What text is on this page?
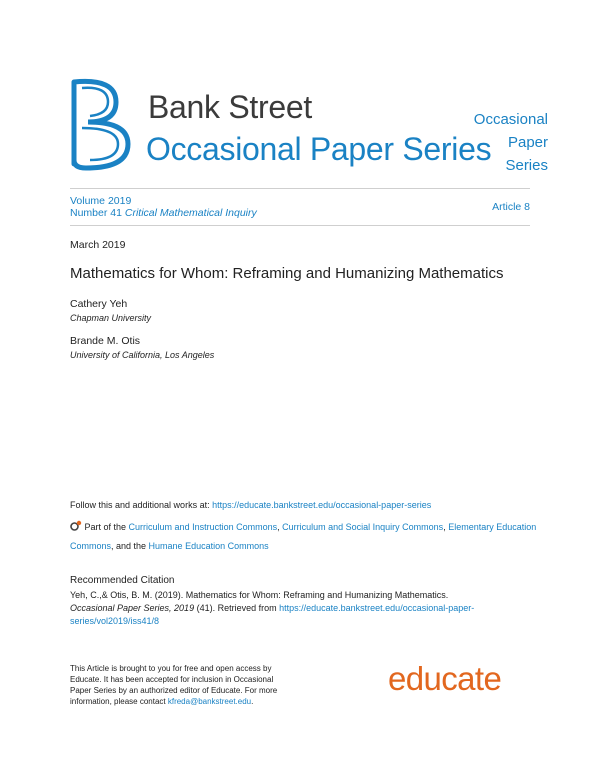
Bank Street
Occasional Paper Series
Occasional
Paper
Series
Volume 2019
Number 41 Critical Mathematical Inquiry	Article 8
March 2019
Mathematics for Whom: Reframing and Humanizing Mathematics
Cathery Yeh
Chapman University
Brande M. Otis
University of California, Los Angeles
Follow this and additional works at: https://educate.bankstreet.edu/occasional-paper-series
Part of the Curriculum and Instruction Commons, Curriculum and Social Inquiry Commons, Elementary Education Commons, and the Humane Education Commons
Recommended Citation
Yeh, C.,& Otis, B. M. (2019). Mathematics for Whom: Reframing and Humanizing Mathematics.
Occasional Paper Series, 2019 (41). Retrieved from https://educate.bankstreet.edu/occasional-paper-series/vol2019/iss41/8
This Article is brought to you for free and open access by Educate. It has been accepted for inclusion in Occasional Paper Series by an authorized editor of Educate. For more information, please contact kfreda@bankstreet.edu.
educate
